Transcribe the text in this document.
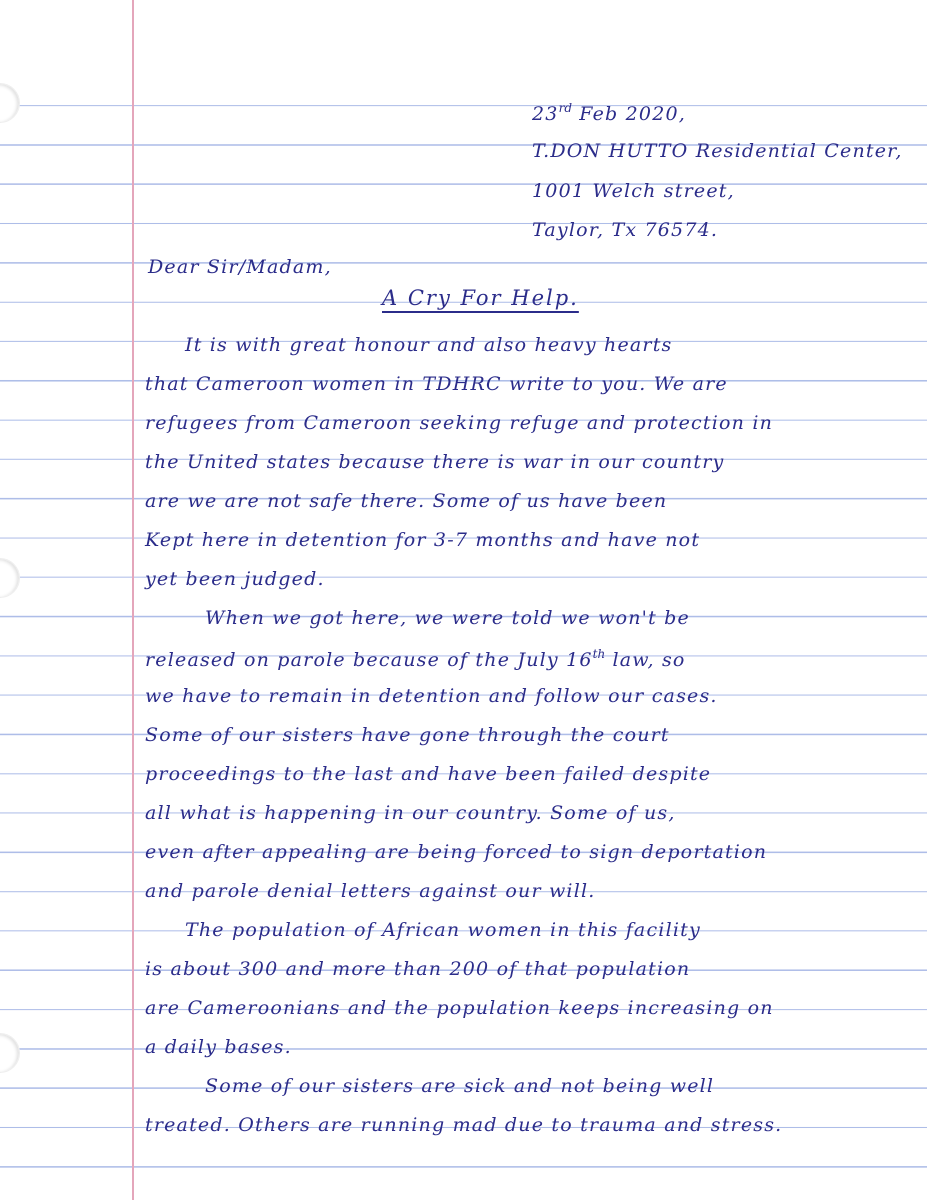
23rd Feb 2020,
T.DON HUTTO Residential Center,
1001 Welch street,
Taylor, Tx 76574.
Dear Sir/Madam,
A Cry For Help.
It is with great honour and also heavy hearts
that Cameroon women in TDHRC write to you. We are
refugees from Cameroon seeking refuge and protection in
the United states because there is war in our country
are we are not safe there. Some of us have been
Kept here in detention for 3-7 months and have not
yet been judged.
When we got here, we were told we won't be
released on parole because of the July 16th law, so
we have to remain in detention and follow our cases.
Some of our sisters have gone through the court
proceedings to the last and have been failed despite
all what is happening in our country. Some of us,
even after appealing are being forced to sign deportation
and parole denial letters against our will.
The population of African women in this facility
is about 300 and more than 200 of that population
are Cameroonians and the population keeps increasing on
a daily bases.
Some of our sisters are sick and not being well
treated. Others are running mad due to trauma and stress.
